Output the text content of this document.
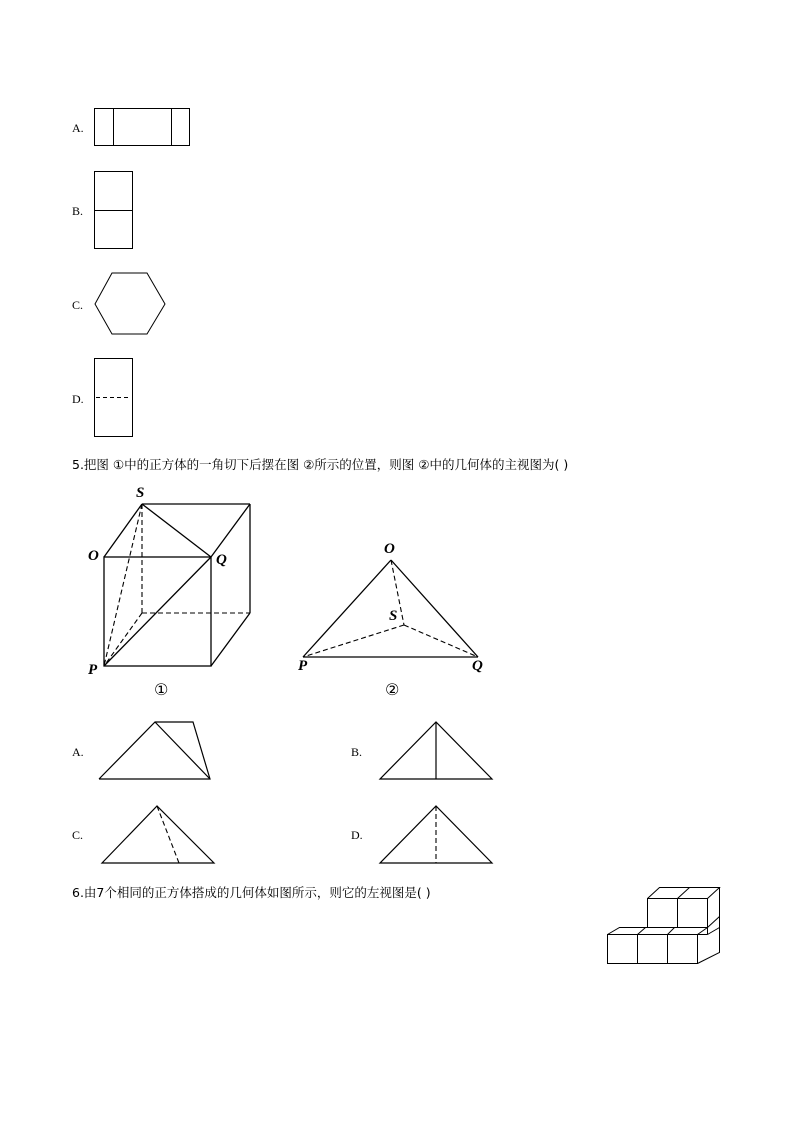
A.
B.
C.
D.
5.把图 ①中的正方体的一角切下后摆在图 ②所示的位置，则图 ②中的几何体的主视图为( )
S
O	Q
P
①
O
S
P	Q
②
A.	B.
C.	D.
6.由7个相同的正方体搭成的几何体如图所示，则它的左视图是( )
